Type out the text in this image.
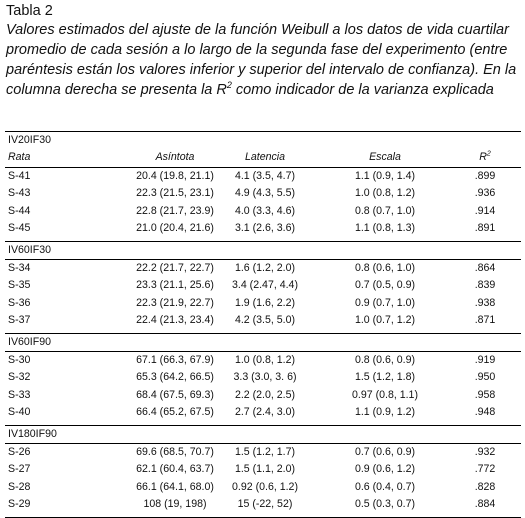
Tabla 2
Valores estimados del ajuste de la función Weibull a los datos de vida cuartilar promedio de cada sesión a lo largo de la segunda fase del experimento (entre paréntesis están los valores inferior y superior del intervalo de confianza). En la columna derecha se presenta la $R^2$ como indicador de la varianza explicada
IV20IF30
Rata	Asíntota	Latencia	Escala	$R^2$
S-41	20.4 (19.8, 21.1)	4.1 (3.5, 4.7)	1.1 (0.9, 1.4)	.899
S-43	22.3 (21.5, 23.1)	4.9 (4.3, 5.5)	1.0 (0.8, 1.2)	.936
S-44	22.8 (21.7, 23.9)	4.0 (3.3, 4.6)	0.8 (0.7, 1.0)	.914
S-45	21.0 (20.4, 21.6)	3.1 (2.6, 3.6)	1.1 (0.8, 1.3)	.891
IV60IF30
S-34	22.2 (21.7, 22.7)	1.6 (1.2, 2.0)	0.8 (0.6, 1.0)	.864
S-35	23.3 (21.1, 25.6)	3.4 (2.47, 4.4)	0.7 (0.5, 0.9)	.839
S-36	22.3 (21.9, 22.7)	1.9 (1.6, 2.2)	0.9 (0.7, 1.0)	.938
S-37	22.4 (21.3, 23.4)	4.2 (3.5, 5.0)	1.0 (0.7, 1.2)	.871
IV60IF90
S-30	67.1 (66.3, 67.9)	1.0 (0.8, 1.2)	0.8 (0.6, 0.9)	.919
S-32	65.3 (64.2, 66.5)	3.3 (3.0, 3. 6)	1.5 (1.2, 1.8)	.950
S-33	68.4 (67.5, 69.3)	2.2 (2.0, 2.5)	0.97 (0.8, 1.1)	.958
S-40	66.4 (65.2, 67.5)	2.7 (2.4, 3.0)	1.1 (0.9, 1.2)	.948
IV180IF90
S-26	69.6 (68.5, 70.7)	1.5 (1.2, 1.7)	0.7 (0.6, 0.9)	.932
S-27	62.1 (60.4, 63.7)	1.5 (1.1, 2.0)	0.9 (0.6, 1.2)	.772
S-28	66.1 (64.1, 68.0)	0.92 (0.6, 1.2)	0.6 (0.4, 0.7)	.828
S-29	108 (19, 198)	15 (-22, 52)	0.5 (0.3, 0.7)	.884
